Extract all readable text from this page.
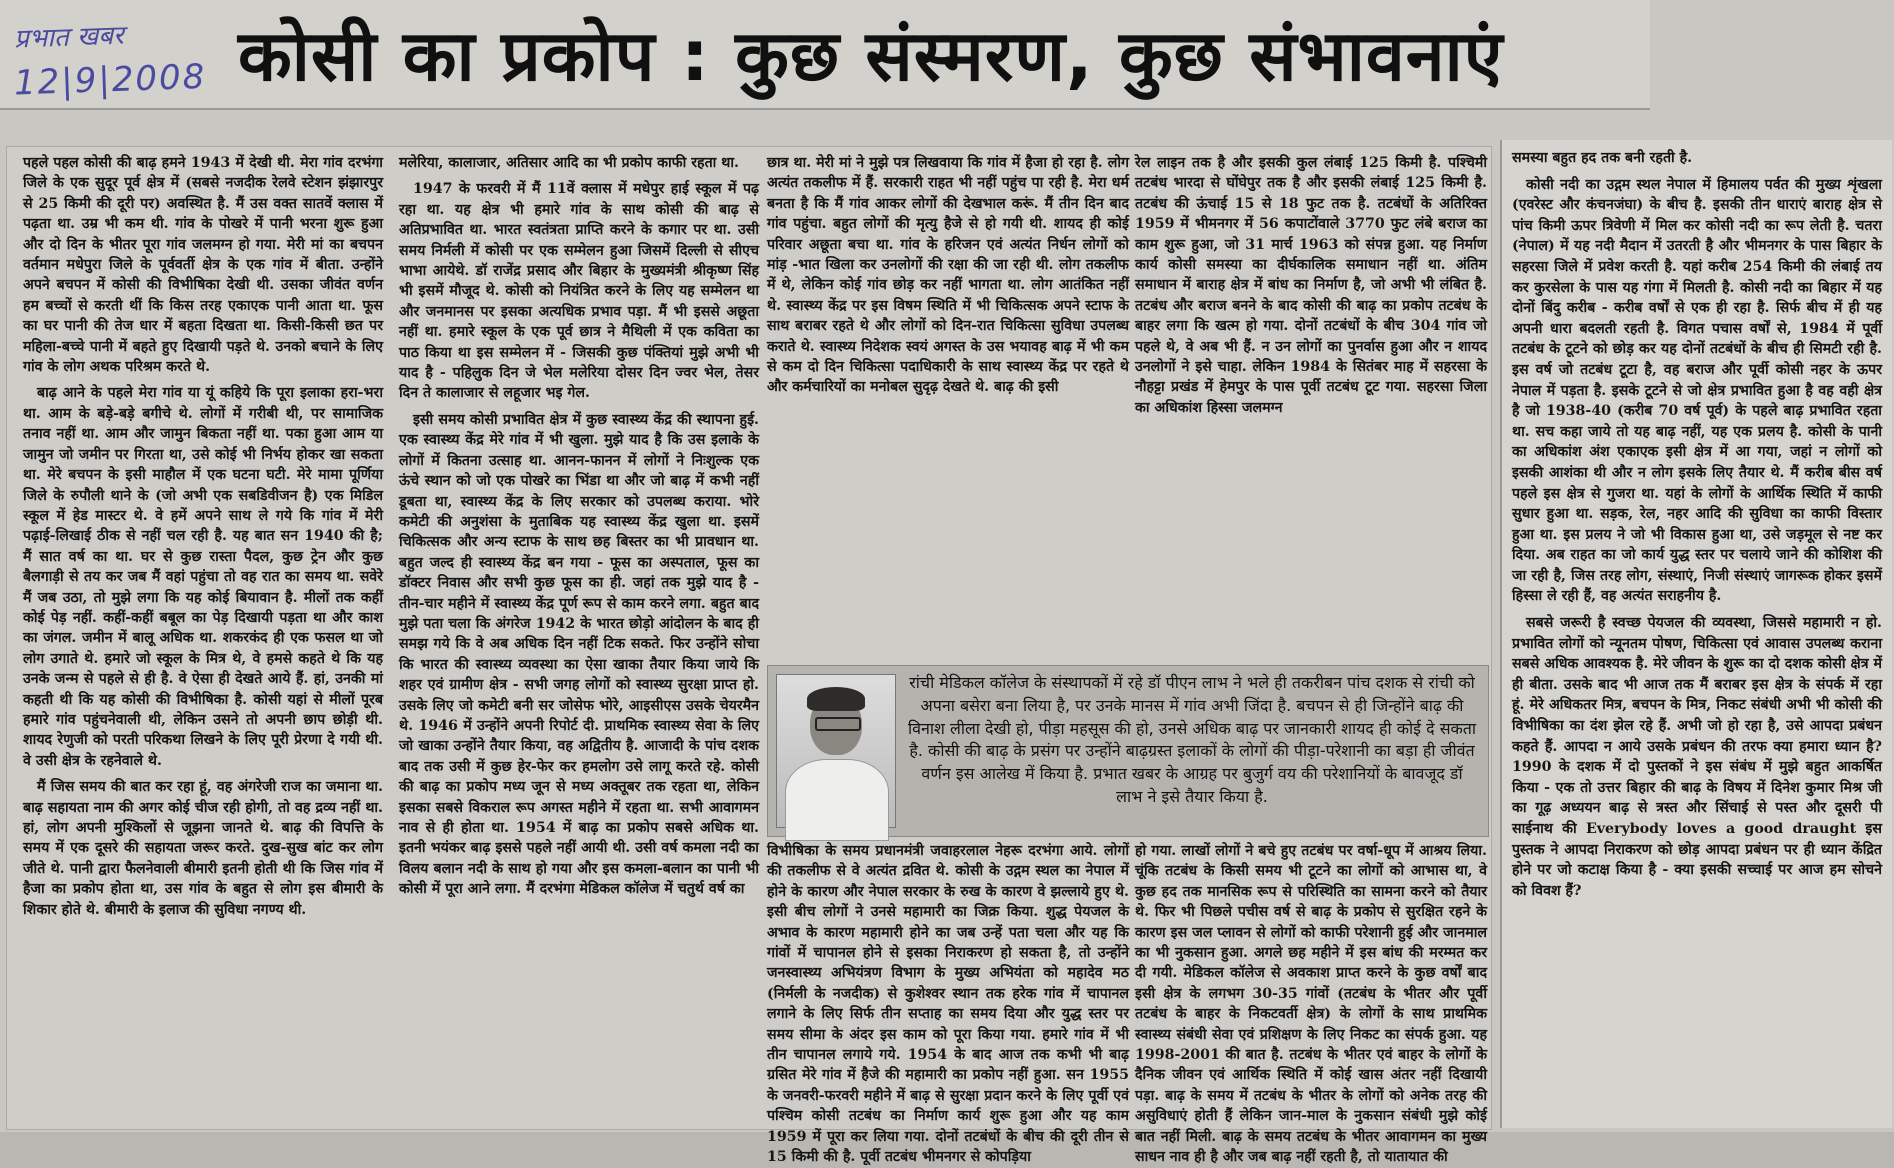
प्रभात खबर
12|9|2008 कोसी का प्रकोप : कुछ संस्मरण, कुछ संभावनाएं

पहले पहल कोसी की बाढ़ हमने 1943 में देखी थी. मेरा गांव दरभंगा जिले के एक सुदूर पूर्व क्षेत्र में (सबसे नजदीक रेलवे स्टेशन झंझारपुर से 25 किमी की दूरी पर) अवस्थित है. मैं उस वक्त सातवें क्लास में पढ़ता था. उम्र भी कम थी. गांव के पोखरे में पानी भरना शुरू हुआ और दो दिन के भीतर पूरा गांव जलमग्न हो गया. मेरी मां का बचपन वर्तमान मधेपुरा जिले के पूर्ववर्ती क्षेत्र के एक गांव में बीता. उन्होंने अपने बचपन में कोसी की विभीषिका देखी थी. उसका जीवंत वर्णन हम बच्चों से करती थीं कि किस तरह एकाएक पानी आता था. फूस का घर पानी की तेज धार में बहता दिखता था. किसी-किसी छत पर महिला-बच्चे पानी में बहते हुए दिखायी पड़ते थे. उनको बचाने के लिए गांव के लोग अथक परिश्रम करते थे.

बाढ़ आने के पहले मेरा गांव या यूं कहिये कि पूरा इलाका हरा-भरा था. आम के बड़े-बड़े बगीचे थे. लोगों में गरीबी थी, पर सामाजिक तनाव नहीं था. आम और जामुन बिकता नहीं था. पका हुआ आम या जामुन जो जमीन पर गिरता था, उसे कोई भी निर्भय होकर खा सकता था. मेरे बचपन के इसी माहौल में एक घटना घटी. मेरे मामा पूर्णिया जिले के रुपौली थाने के (जो अभी एक सबडिवीजन है) एक मिडिल स्कूल में हेड मास्टर थे. वे हमें अपने साथ ले गये कि गांव में मेरी पढ़ाई-लिखाई ठीक से नहीं चल रही है. यह बात सन 1940 की है; मैं सात वर्ष का था. घर से कुछ रास्ता पैदल, कुछ ट्रेन और कुछ बैलगाड़ी से तय कर जब मैं वहां पहुंचा तो वह रात का समय था. सवेरे मैं जब उठा, तो मुझे लगा कि यह कोई बियावान है. मीलों तक कहीं कोई पेड़ नहीं. कहीं-कहीं बबूल का पेड़ दिखायी पड़ता था और काश का जंगल. जमीन में बालू अधिक था. शकरकंद ही एक फसल था जो लोग उगाते थे. हमारे जो स्कूल के मित्र थे, वे हमसे कहते थे कि यह उनके जन्म से पहले से ही है. वे ऐसा ही देखते आये हैं. हां, उनकी मां कहती थी कि यह कोसी की विभीषिका है. कोसी यहां से मीलों पूरब हमारे गांव पहुंचनेवाली थी, लेकिन उसने तो अपनी छाप छोड़ी थी. शायद रेणुजी को परती परिकथा लिखने के लिए पूरी प्रेरणा दे गयी थी. वे उसी क्षेत्र के रहनेवाले थे.

मैं जिस समय की बात कर रहा हूं, वह अंगरेजी राज का जमाना था. बाढ़ सहायता नाम की अगर कोई चीज रही होगी, तो वह द्रव्य नहीं था. हां, लोग अपनी मुश्किलों से जूझना जानते थे. बाढ़ की विपत्ति के समय में एक दूसरे की सहायता जरूर करते. दुख-सुख बांट कर लोग जीते थे. पानी द्वारा फैलनेवाली बीमारी इतनी होती थी कि जिस गांव में हैजा का प्रकोप होता था, उस गांव के बहुत से लोग इस बीमारी के शिकार होते थे. बीमारी के इलाज की सुविधा नगण्य थी.

मलेरिया, कालाजार, अतिसार आदि का भी प्रकोप काफी रहता था.

1947 के फरवरी में मैं 11वें क्लास में मधेपुर हाई स्कूल में पढ़ रहा था. यह क्षेत्र भी हमारे गांव के साथ कोसी की बाढ़ से अतिप्रभावित था. भारत स्वतंत्रता प्राप्ति करने के कगार पर था. उसी समय निर्मली में कोसी पर एक सम्मेलन हुआ जिसमें दिल्ली से सीएच भाभा आयेथे. डॉ राजेंद्र प्रसाद और बिहार के मुख्यमंत्री श्रीकृष्ण सिंह भी इसमें मौजूद थे. कोसी को नियंत्रित करने के लिए यह सम्मेलन था और जनमानस पर इसका अत्यधिक प्रभाव पड़ा. मैं भी इससे अछूता नहीं था. हमारे स्कूल के एक पूर्व छात्र ने मैथिली में एक कविता का पाठ किया था इस सम्मेलन में - जिसकी कुछ पंक्तियां मुझे अभी भी याद है - पहिलुक दिन जे भेल मलेरिया दोसर दिन ज्वर भेल, तेसर दिन ते कालाजार से लहूजार भइ गेल.

इसी समय कोसी प्रभावित क्षेत्र में कुछ स्वास्थ्य केंद्र की स्थापना हुई. एक स्वास्थ्य केंद्र मेरे गांव में भी खुला. मुझे याद है कि उस इलाके के लोगों में कितना उत्साह था. आनन-फानन में लोगों ने निःशुल्क एक ऊंचे स्थान को जो एक पोखरे का भिंडा था और जो बाढ़ में कभी नहीं डूबता था, स्वास्थ्य केंद्र के लिए सरकार को उपलब्ध कराया. भोरे कमेटी की अनुशंसा के मुताबिक यह स्वास्थ्य केंद्र खुला था. इसमें चिकित्सक और अन्य स्टाफ के साथ छह बिस्तर का भी प्रावधान था. बहुत जल्द ही स्वास्थ्य केंद्र बन गया - फूस का अस्पताल, फूस का डॉक्टर निवास और सभी कुछ फूस का ही. जहां तक मुझे याद है - तीन-चार महीने में स्वास्थ्य केंद्र पूर्ण रूप से काम करने लगा. बहुत बाद मुझे पता चला कि अंगरेज 1942 के भारत छोड़ो आंदोलन के बाद ही समझ गये कि वे अब अधिक दिन नहीं टिक सकते. फिर उन्होंने सोचा कि भारत की स्वास्थ्य व्यवस्था का ऐसा खाका तैयार किया जाये कि शहर एवं ग्रामीण क्षेत्र - सभी जगह लोगों को स्वास्थ्य सुरक्षा प्राप्त हो. उसके लिए जो कमेटी बनी सर जोसेफ भोरे, आइसीएस उसके चेयरमैन थे. 1946 में उन्होंने अपनी रिपोर्ट दी. प्राथमिक स्वास्थ्य सेवा के लिए जो खाका उन्होंने तैयार किया, वह अद्वितीय है. आजादी के पांच दशक बाद तक उसी में कुछ हेर-फेर कर हमलोग उसे लागू करते रहे. कोसी की बाढ़ का प्रकोप मध्य जून से मध्य अक्तूबर तक रहता था, लेकिन इसका सबसे विकराल रूप अगस्त महीने में रहता था. सभी आवागमन नाव से ही होता था. 1954 में बाढ़ का प्रकोप सबसे अधिक था. इतनी भयंकर बाढ़ इससे पहले नहीं आयी थी. उसी वर्ष कमला नदी का विलय बलान नदी के साथ हो गया और इस कमला-बलान का पानी भी कोसी में पूरा आने लगा. मैं दरभंगा मेडिकल कॉलेज में चतुर्थ वर्ष का

छात्र था. मेरी मां ने मुझे पत्र लिखवाया कि गांव में हैजा हो रहा है. लोग अत्यंत तकलीफ में हैं. सरकारी राहत भी नहीं पहुंच पा रही है. मेरा धर्म बनता है कि मैं गांव आकर लोगों की देखभाल करूं. मैं तीन दिन बाद गांव पहुंचा. बहुत लोगों की मृत्यु हैजे से हो गयी थी. शायद ही कोई परिवार अछूता बचा था. गांव के हरिजन एवं अत्यंत निर्धन लोगों को मांड़ -भात खिला कर उनलोगों की रक्षा की जा रही थी. लोग तकलीफ में थे, लेकिन कोई गांव छोड़ कर नहीं भागता था. लोग आतंकित नहीं थे. स्वास्थ्य केंद्र पर इस विषम स्थिति में भी चिकित्सक अपने स्टाफ के साथ बराबर रहते थे और लोगों को दिन-रात चिकित्सा सुविधा उपलब्ध कराते थे. स्वास्थ्य निदेशक स्वयं अगस्त के उस भयावह बाढ़ में भी कम से कम दो दिन चिकित्सा पदाधिकारी के साथ स्वास्थ्य केंद्र पर रहते थे और कर्मचारियों का मनोबल सुदृढ़ देखते थे. बाढ़ की इसी

रेल लाइन तक है और इसकी कुल लंबाई 125 किमी है. पश्चिमी तटबंध भारदा से घोंघेपुर तक है और इसकी लंबाई 125 किमी है. तटबंध की ऊंचाई 15 से 18 फुट तक है. तटबंधों के अतिरिक्त 1959 में भीमनगर में 56 कपाटोंवाले 3770 फुट लंबे बराज का काम शुरू हुआ, जो 31 मार्च 1963 को संपन्न हुआ. यह निर्माण कार्य कोसी समस्या का दीर्घकालिक समाधान नहीं था. अंतिम समाधान में बाराह क्षेत्र में बांध का निर्माण है, जो अभी भी लंबित है. तटबंध और बराज बनने के बाद कोसी की बाढ़ का प्रकोप तटबंध के बाहर लगा कि खत्म हो गया. दोनों तटबंधों के बीच 304 गांव जो पहले थे, वे अब भी हैं. न उन लोगों का पुनर्वास हुआ और न शायद उनलोगों ने इसे चाहा. लेकिन 1984 के सितंबर माह में सहरसा के नौहट्टा प्रखंड में हेमपुर के पास पूर्वी तटबंध टूट गया. सहरसा जिला का अधिकांश हिस्सा जलमग्न

रांची मेडिकल कॉलेज के संस्थापकों में रहे डॉ पीएन लाभ ने भले ही तकरीबन पांच दशक से रांची को अपना बसेरा बना लिया है, पर उनके मानस में गांव अभी जिंदा है. बचपन से ही जिन्होंने बाढ़ की विनाश लीला देखी हो, पीड़ा महसूस की हो, उनसे अधिक बाढ़ पर जानकारी शायद ही कोई दे सकता है. कोसी की बाढ़ के प्रसंग पर उन्होंने बाढ़ग्रस्त इलाकों के लोगों की पीड़ा-परेशानी का बड़ा ही जीवंत वर्णन इस आलेख में किया है. प्रभात खबर के आग्रह पर बुजुर्ग वय की परेशानियों के बावजूद डॉ लाभ ने इसे तैयार किया है.

विभीषिका के समय प्रधानमंत्री जवाहरलाल नेहरू दरभंगा आये. लोगों की तकलीफ से वे अत्यंत द्रवित थे. कोसी के उद्गम स्थल का नेपाल में होने के कारण और नेपाल सरकार के रुख के कारण वे झल्लाये हुए थे. इसी बीच लोगों ने उनसे महामारी का जिक्र किया. शुद्ध पेयजल के अभाव के कारण महामारी होने का जब उन्हें पता चला और यह कि गांवों में चापानल होने से इसका निराकरण हो सकता है, तो उन्होंने जनस्वास्थ्य अभियंत्रण विभाग के मुख्य अभियंता को महादेव मठ (निर्मली के नजदीक) से कुशेश्वर स्थान तक हरेक गांव में चापानल लगाने के लिए सिर्फ तीन सप्ताह का समय दिया और युद्ध स्तर पर समय सीमा के अंदर इस काम को पूरा किया गया. हमारे गांव में भी तीन चापानल लगाये गये. 1954 के बाद आज तक कभी भी बाढ़ ग्रसित मेरे गांव में हैजे की महामारी का प्रकोप नहीं हुआ. सन 1955 के जनवरी-फरवरी महीने में बाढ़ से सुरक्षा प्रदान करने के लिए पूर्वी एवं पश्चिम कोसी तटबंध का निर्माण कार्य शुरू हुआ और यह काम 1959 में पूरा कर लिया गया. दोनों तटबंधों के बीच की दूरी तीन से 15 किमी की है. पूर्वी तटबंध भीमनगर से कोपड़िया

हो गया. लाखों लोगों ने बचे हुए तटबंध पर वर्षा-धूप में आश्रय लिया. चूंकि तटबंध के किसी समय भी टूटने का लोगों को आभास था, वे कुछ हद तक मानसिक रूप से परिस्थिति का सामना करने को तैयार थे. फिर भी पिछले पचीस वर्ष से बाढ़ के प्रकोप से सुरक्षित रहने के कारण इस जल प्लावन से लोगों को काफी परेशानी हुई और जानमाल का भी नुकसान हुआ. अगले छह महीने में इस बांध की मरम्मत कर दी गयी. मेडिकल कॉलेज से अवकाश प्राप्त करने के कुछ वर्षों बाद इसी क्षेत्र के लगभग 30-35 गांवों (तटबंध के भीतर और पूर्वी तटबंध के बाहर के निकटवर्ती क्षेत्र) के लोगों के साथ प्राथमिक स्वास्थ्य संबंधी सेवा एवं प्रशिक्षण के लिए निकट का संपर्क हुआ. यह 1998-2001 की बात है. तटबंध के भीतर एवं बाहर के लोगों के दैनिक जीवन एवं आर्थिक स्थिति में कोई खास अंतर नहीं दिखायी पड़ा. बाढ़ के समय में तटबंध के भीतर के लोगों को अनेक तरह की असुविधाएं होती हैं लेकिन जान-माल के नुकसान संबंधी मुझे कोई बात नहीं मिली. बाढ़ के समय तटबंध के भीतर आवागमन का मुख्य साधन नाव ही है और जब बाढ़ नहीं रहती है, तो यातायात की

समस्या बहुत हद तक बनी रहती है.

कोसी नदी का उद्गम स्थल नेपाल में हिमालय पर्वत की मुख्य शृंखला (एवरेस्ट और कंचनजंघा) के बीच है. इसकी तीन धाराएं बाराह क्षेत्र से पांच किमी ऊपर त्रिवेणी में मिल कर कोसी नदी का रूप लेती है. चतरा (नेपाल) में यह नदी मैदान में उतरती है और भीमनगर के पास बिहार के सहरसा जिले में प्रवेश करती है. यहां करीब 254 किमी की लंबाई तय कर कुरसेला के पास यह गंगा में मिलती है. कोसी नदी का बिहार में यह दोनों बिंदु करीब - करीब वर्षों से एक ही रहा है. सिर्फ बीच में ही यह अपनी धारा बदलती रहती है. विगत पचास वर्षों से, 1984 में पूर्वी तटबंध के टूटने को छोड़ कर यह दोनों तटबंधों के बीच ही सिमटी रही है. इस वर्ष जो तटबंध टूटा है, वह बराज और पूर्वी कोसी नहर के ऊपर नेपाल में पड़ता है. इसके टूटने से जो क्षेत्र प्रभावित हुआ है वह वही क्षेत्र है जो 1938-40 (करीब 70 वर्ष पूर्व) के पहले बाढ़ प्रभावित रहता था. सच कहा जाये तो यह बाढ़ नहीं, यह एक प्रलय है. कोसी के पानी का अधिकांश अंश एकाएक इसी क्षेत्र में आ गया, जहां न लोगों को इसकी आशंका थी और न लोग इसके लिए तैयार थे. मैं करीब बीस वर्ष पहले इस क्षेत्र से गुजरा था. यहां के लोगों के आर्थिक स्थिति में काफी सुधार हुआ था. सड़क, रेल, नहर आदि की सुविधा का काफी विस्तार हुआ था. इस प्रलय ने जो भी विकास हुआ था, उसे जड़मूल से नष्ट कर दिया. अब राहत का जो कार्य युद्ध स्तर पर चलाये जाने की कोशिश की जा रही है, जिस तरह लोग, संस्थाएं, निजी संस्थाएं जागरूक होकर इसमें हिस्सा ले रही हैं, वह अत्यंत सराहनीय है.

सबसे जरूरी है स्वच्छ पेयजल की व्यवस्था, जिससे महामारी न हो. प्रभावित लोगों को न्यूनतम पोषण, चिकित्सा एवं आवास उपलब्ध कराना सबसे अधिक आवश्यक है. मेरे जीवन के शुरू का दो दशक कोसी क्षेत्र में ही बीता. उसके बाद भी आज तक मैं बराबर इस क्षेत्र के संपर्क में रहा हूं. मेरे अधिकतर मित्र, बचपन के मित्र, निकट संबंधी अभी भी कोसी की विभीषिका का दंश झेल रहे हैं. अभी जो हो रहा है, उसे आपदा प्रबंधन कहते हैं. आपदा न आये उसके प्रबंधन की तरफ क्या हमारा ध्यान है? 1990 के दशक में दो पुस्तकों ने इस संबंध में मुझे बहुत आकर्षित किया - एक तो उत्तर बिहार की बाढ़ के विषय में दिनेश कुमार मिश्र जी का गूढ़ अध्ययन बाढ़ से त्रस्त और सिंचाई से पस्त और दूसरी पी साईनाथ की Everybody loves a good draught इस पुस्तक ने आपदा निराकरण को छोड़ आपदा प्रबंधन पर ही ध्यान केंद्रित होने पर जो कटाक्ष किया है - क्या इसकी सच्चाई पर आज हम सोचने को विवश हैं?
